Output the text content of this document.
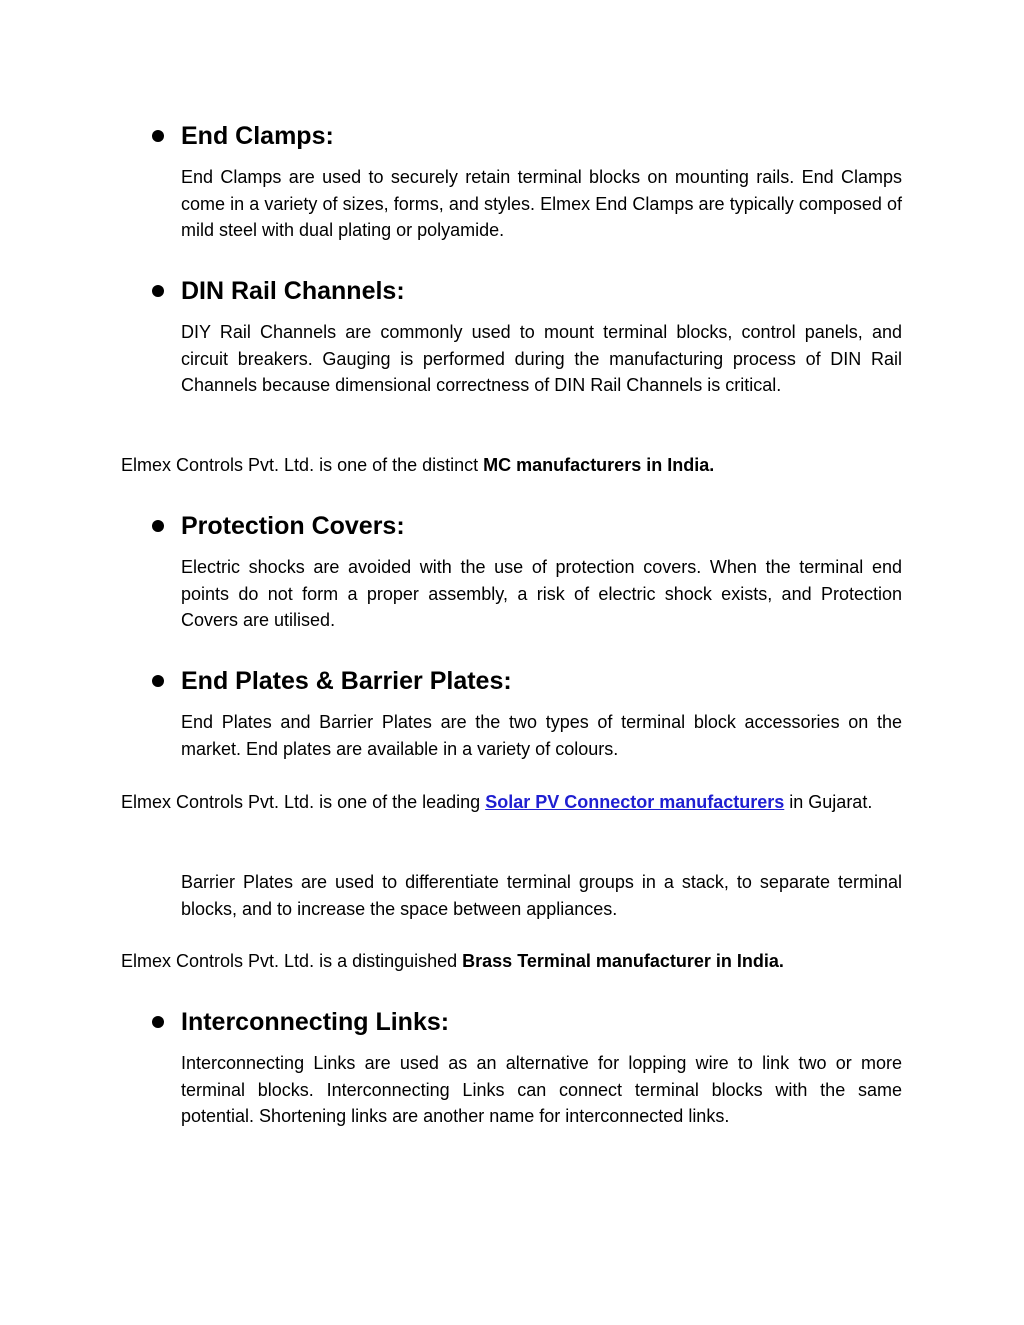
End Clamps:

End Clamps are used to securely retain terminal blocks on mounting rails. End Clamps come in a variety of sizes, forms, and styles. Elmex End Clamps are typically composed of mild steel with dual plating or polyamide.

DIN Rail Channels:

DIY Rail Channels are commonly used to mount terminal blocks, control panels, and circuit breakers. Gauging is performed during the manufacturing process of DIN Rail Channels because dimensional correctness of DIN Rail Channels is critical.

Elmex Controls Pvt. Ltd. is one of the distinct MC manufacturers in India.

Protection Covers:

Electric shocks are avoided with the use of protection covers. When the terminal end points do not form a proper assembly, a risk of electric shock exists, and Protection Covers are utilised.

End Plates & Barrier Plates:

End Plates and Barrier Plates are the two types of terminal block accessories on the market. End plates are available in a variety of colours.

Elmex Controls Pvt. Ltd. is one of the leading Solar PV Connector manufacturers in Gujarat.

Barrier Plates are used to differentiate terminal groups in a stack, to separate terminal blocks, and to increase the space between appliances.

Elmex Controls Pvt. Ltd. is a distinguished Brass Terminal manufacturer in India.

Interconnecting Links:

Interconnecting Links are used as an alternative for lopping wire to link two or more terminal blocks. Interconnecting Links can connect terminal blocks with the same potential. Shortening links are another name for interconnected links.
